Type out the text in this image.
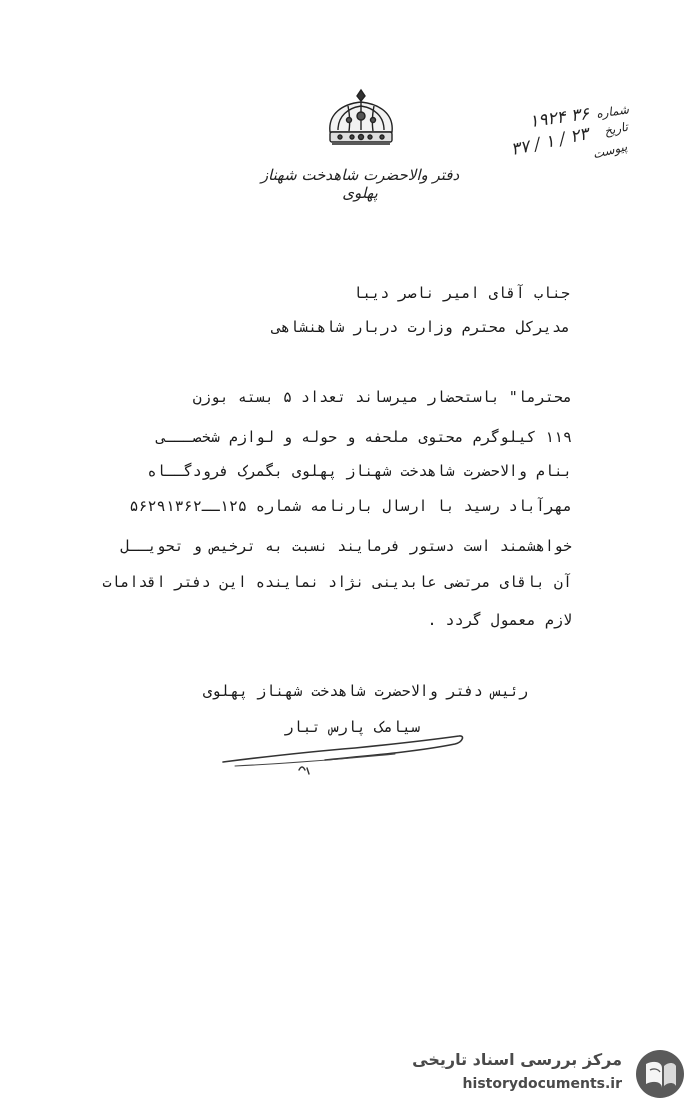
دفتر والاحضرت شاهدخت شهناز پهلوی
شماره
۳۶ ۱۹۲۴
تاریخ
۲۳ / ۱ / ۳۷
پیوست
جناب آقای امیر ناصر دیبا
مدیرکل محترم وزارت دربار شاهنشاهی
محترما" باستحضار میرساند تعداد ۵ بسته بوزن
۱۱۹ کیلوگرم محتوی ملحفه و حوله و لوازم شخصـــی
بنام والاحضرت شاهدخت شهناز پهلوی بگمرک فرودگــاه
مهرآباد رسید با ارسال بارنامه شماره ۱۲۵ــ۵۶۲۹۱۳۶۲
خواهشمند است دستور فرمایند نسبت به ترخیص و تحویــل
آن باقای مرتضی عابدینی نژاد نماینده این دفتر اقدامات
لازم معمول گردد .
رئیس دفتر والاحضرت شاهدخت شهناز پهلوی
سیامک پارس تبار
مرکز بررسی اسناد تاریخی
historydocuments.ir
